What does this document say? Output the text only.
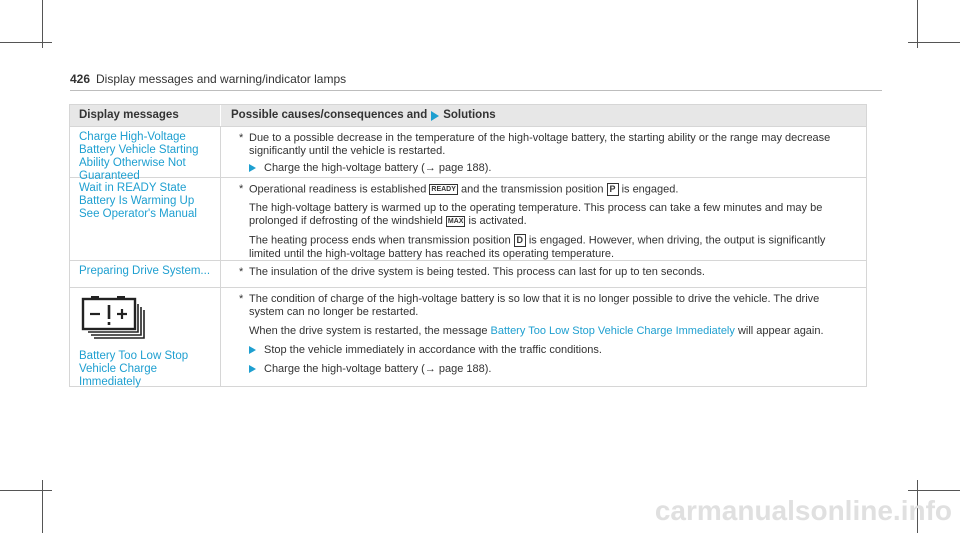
426 Display messages and warning/indicator lamps
Display messages	Possible causes/consequences and Solutions
Charge High-Voltage Battery Vehicle Starting Ability Otherwise Not Guaranteed
* Due to a possible decrease in the temperature of the high-voltage battery, the starting ability or the range may decrease significantly until the vehicle is restarted.
Charge the high-voltage battery (→ page 188).
Wait in READY State Battery Is Warming Up See Operator's Manual
* Operational readiness is established READY and the transmission position P is engaged.
The high-voltage battery is warmed up to the operating temperature. This process can take a few minutes and may be prolonged if defrosting of the windshield MAX is activated.
The heating process ends when transmission position D is engaged. However, when driving, the output is significantly limited until the high-voltage battery has reached its operating temperature.
Preparing Drive System...	* The insulation of the drive system is being tested. This process can last for up to ten seconds.
Battery Too Low Stop Vehicle Charge Immediately
* The condition of charge of the high-voltage battery is so low that it is no longer possible to drive the vehicle. The drive system can no longer be restarted.
When the drive system is restarted, the message Battery Too Low Stop Vehicle Charge Immediately will appear again.
Stop the vehicle immediately in accordance with the traffic conditions.
Charge the high-voltage battery (→ page 188).
carmanualsonline.info
